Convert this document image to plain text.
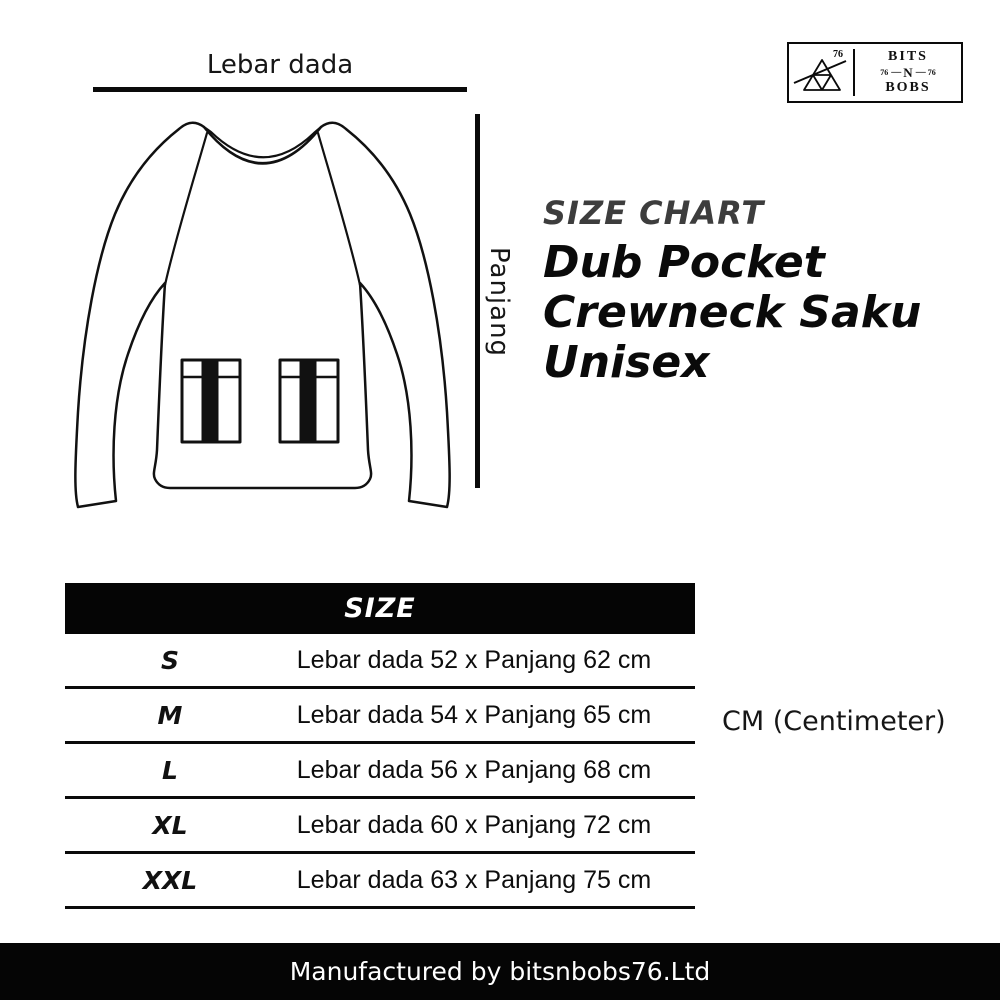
Lebar dada
Panjang
76	BITS
76 — N — 76
BOBS
SIZE CHART
Dub Pocket
Crewneck Saku
Unisex
SIZE
S	Lebar dada 52 x Panjang 62 cm
M	Lebar dada 54 x Panjang 65 cm
L	Lebar dada 56 x Panjang 68 cm
XL	Lebar dada 60 x Panjang 72 cm
XXL	Lebar dada 63 x Panjang 75 cm
CM (Centimeter)
Manufactured by bitsnbobs76.Ltd
